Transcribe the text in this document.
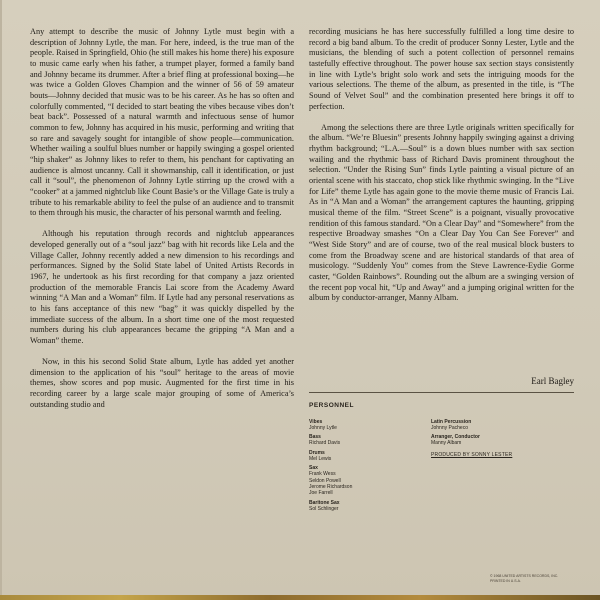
Any attempt to describe the music of Johnny Lytle must begin with a description of Johnny Lytle, the man. For here, indeed, is the true man of the people. Raised in Springfield, Ohio (he still makes his home there) his exposure to music came early when his father, a trumpet player, formed a family band and Johnny became its drummer. After a brief fling at professional boxing—he was twice a Golden Gloves Champion and the winner of 56 of 59 amateur bouts—Johnny decided that music was to be his career. As he has so often and colorfully commented, “I decided to start beating the vibes because vibes don’t beat back”. Possessed of a natural warmth and infectuous sense of humor common to few, Johnny has acquired in his music, performing and writing that so rare and savagely sought for intangible of show people—communication. Whether wailing a soulful blues number or happily swinging a gospel oriented “hip shaker” as Johnny likes to refer to them, his penchant for captivating an audience is almost uncanny. Call it showmanship, call it identification, or just call it “soul”, the phenomenon of Johnny Lytle stirring up the crowd with a “cooker” at a jammed nightclub like Count Basie’s or the Village Gate is truly a tribute to his remarkable ability to feel the pulse of an audience and to transmit to them through his music, the character of his personal warmth and feeling.

Although his reputation through records and nightclub appearances developed generally out of a “soul jazz” bag with hit records like Lela and the Village Caller, Johnny recently added a new dimension to his recordings and performances. Signed by the Solid State label of United Artists Records in 1967, he undertook as his first recording for that company a jazz oriented production of the memorable Francis Lai score from the Academy Award winning “A Man and a Woman” film. If Lytle had any personal reservations as to his fans acceptance of this new “bag” it was quickly dispelled by the immediate success of the album. In a short time one of the most requested numbers during his club appearances became the gripping “A Man and a Woman” theme.

Now, in this his second Solid State album, Lytle has added yet another dimension to the application of his “soul” heritage to the areas of movie themes, show scores and pop music. Augmented for the first time in his recording career by a large scale major grouping of some of America’s outstanding studio and

recording musicians he has here successfully fulfilled a long time desire to record a big band album. To the credit of producer Sonny Lester, Lytle and the musicians, the blending of such a potent collection of personnel remains tastefully effective throughout. The power house sax section stays consistently in line with Lytle’s bright solo work and sets the intriguing moods for the various selections. The theme of the album, as presented in the title, is “The Sound of Velvet Soul” and the combination presented here brings it off to perfection.

Among the selections there are three Lytle originals written specifically for the album. “We’re Bluesin” presents Johnny happily swinging against a driving rhythm background; “L.A.—Soul” is a down blues number with sax section wailing and the rhythmic bass of Richard Davis prominent throughout the selection. “Under the Rising Sun” finds Lytle painting a visual picture of an oriental scene with his staccato, chop stick like rhythmic swinging. In the “Live for Life” theme Lytle has again gone to the movie theme music of Francis Lai. As in “A Man and a Woman” the arrangement captures the haunting, gripping musical theme of the film. “Street Scene” is a poignant, visually provocative rendition of this famous standard. “On a Clear Day” and “Somewhere” from the respective Broadway smashes “On a Clear Day You Can See Forever” and “West Side Story” and are of course, two of the real musical block busters to come from the Broadway scene and are historical standards of that area of musicology. “Suddenly You” comes from the Steve Lawrence-Eydie Gorme caster, “Golden Rainbows”. Rounding out the album are a swinging version of the recent pop vocal hit, “Up and Away” and a jumping original written for the album by conductor-arranger, Manny Albam.

Earl Bagley
PERSONNEL
Vibes
Johnny Lytle
Bass
Richard Davis
Drums
Mel Lewis
Sax
Frank Wess
Seldon Powell
Jerome Richardson
Joe Farrell
Baritone Sax
Sol Schlinger
Latin Percussion
Johnny Pacheco
Arranger, Conductor
Manny Albam
PRODUCED BY SONNY LESTER
© 1968 UNITED ARTISTS RECORDS, INC.
PRINTED IN U.S.A.
